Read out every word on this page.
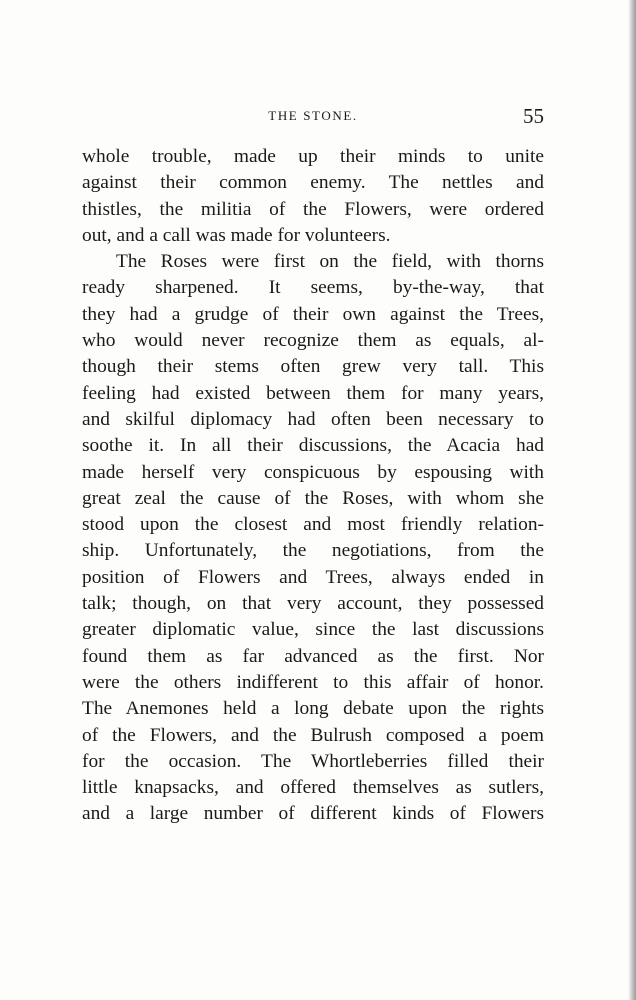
THE STONE.	55
whole trouble, made up their minds to unite
against their common enemy. The nettles and
thistles, the militia of the Flowers, were ordered
out, and a call was made for volunteers.
The Roses were first on the field, with thorns
ready sharpened. It seems, by-the-way, that
they had a grudge of their own against the Trees,
who would never recognize them as equals, al-
though their stems often grew very tall. This
feeling had existed between them for many years,
and skilful diplomacy had often been necessary to
soothe it. In all their discussions, the Acacia had
made herself very conspicuous by espousing with
great zeal the cause of the Roses, with whom she
stood upon the closest and most friendly relation-
ship. Unfortunately, the negotiations, from the
position of Flowers and Trees, always ended in
talk; though, on that very account, they possessed
greater diplomatic value, since the last discussions
found them as far advanced as the first. Nor
were the others indifferent to this affair of honor.
The Anemones held a long debate upon the rights
of the Flowers, and the Bulrush composed a poem
for the occasion. The Whortleberries filled their
little knapsacks, and offered themselves as sutlers,
and a large number of different kinds of Flowers
